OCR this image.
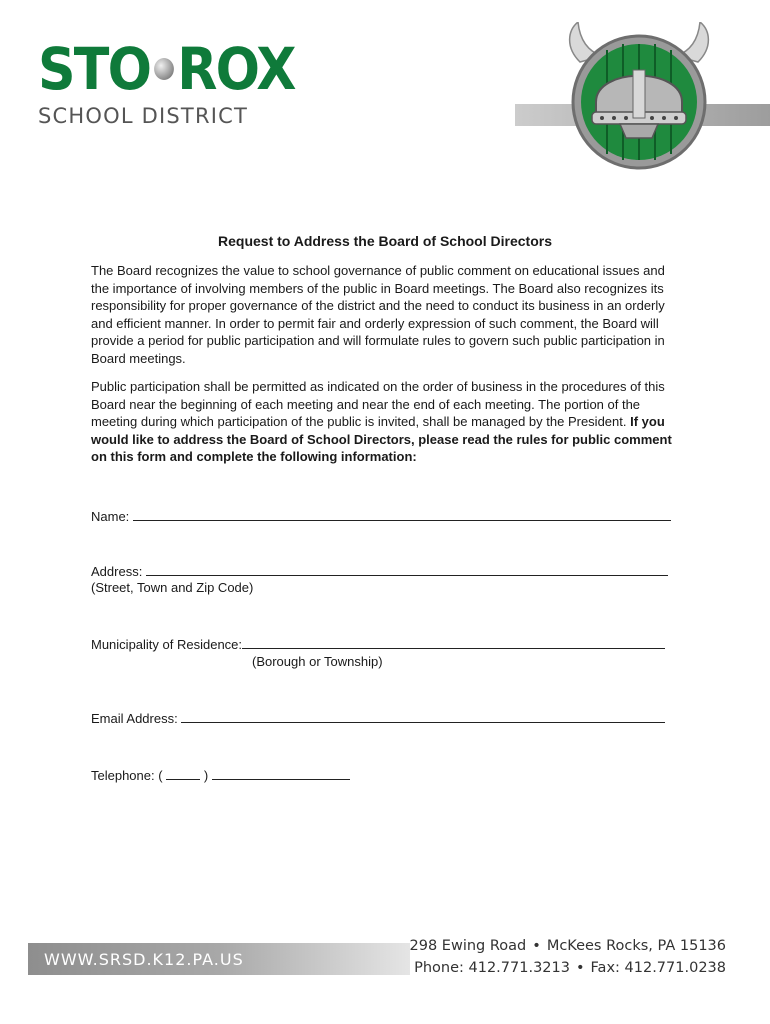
STO ROX
SCHOOL DISTRICT
Request to Address the Board of School Directors

The Board recognizes the value to school governance of public comment on educational issues and the importance of involving members of the public in Board meetings. The Board also recognizes its responsibility for proper governance of the district and the need to conduct its business in an orderly and efficient manner. In order to permit fair and orderly expression of such comment, the Board will provide a period for public participation and will formulate rules to govern such public participation in Board meetings.

Public participation shall be permitted as indicated on the order of business in the procedures of this Board near the beginning of each meeting and near the end of each meeting. The portion of the meeting during which participation of the public is invited, shall be managed by the President. If you would like to address the Board of School Directors, please read the rules for public comment on this form and complete the following information:

Name:
Address:
(Street, Town and Zip Code)
Municipality of Residence:
(Borough or Township)
Email Address:
Telephone: (	)
WWW.SRSD.K12.PA.US
298 Ewing Road • McKees Rocks, PA 15136
Phone: 412.771.3213 • Fax: 412.771.0238
